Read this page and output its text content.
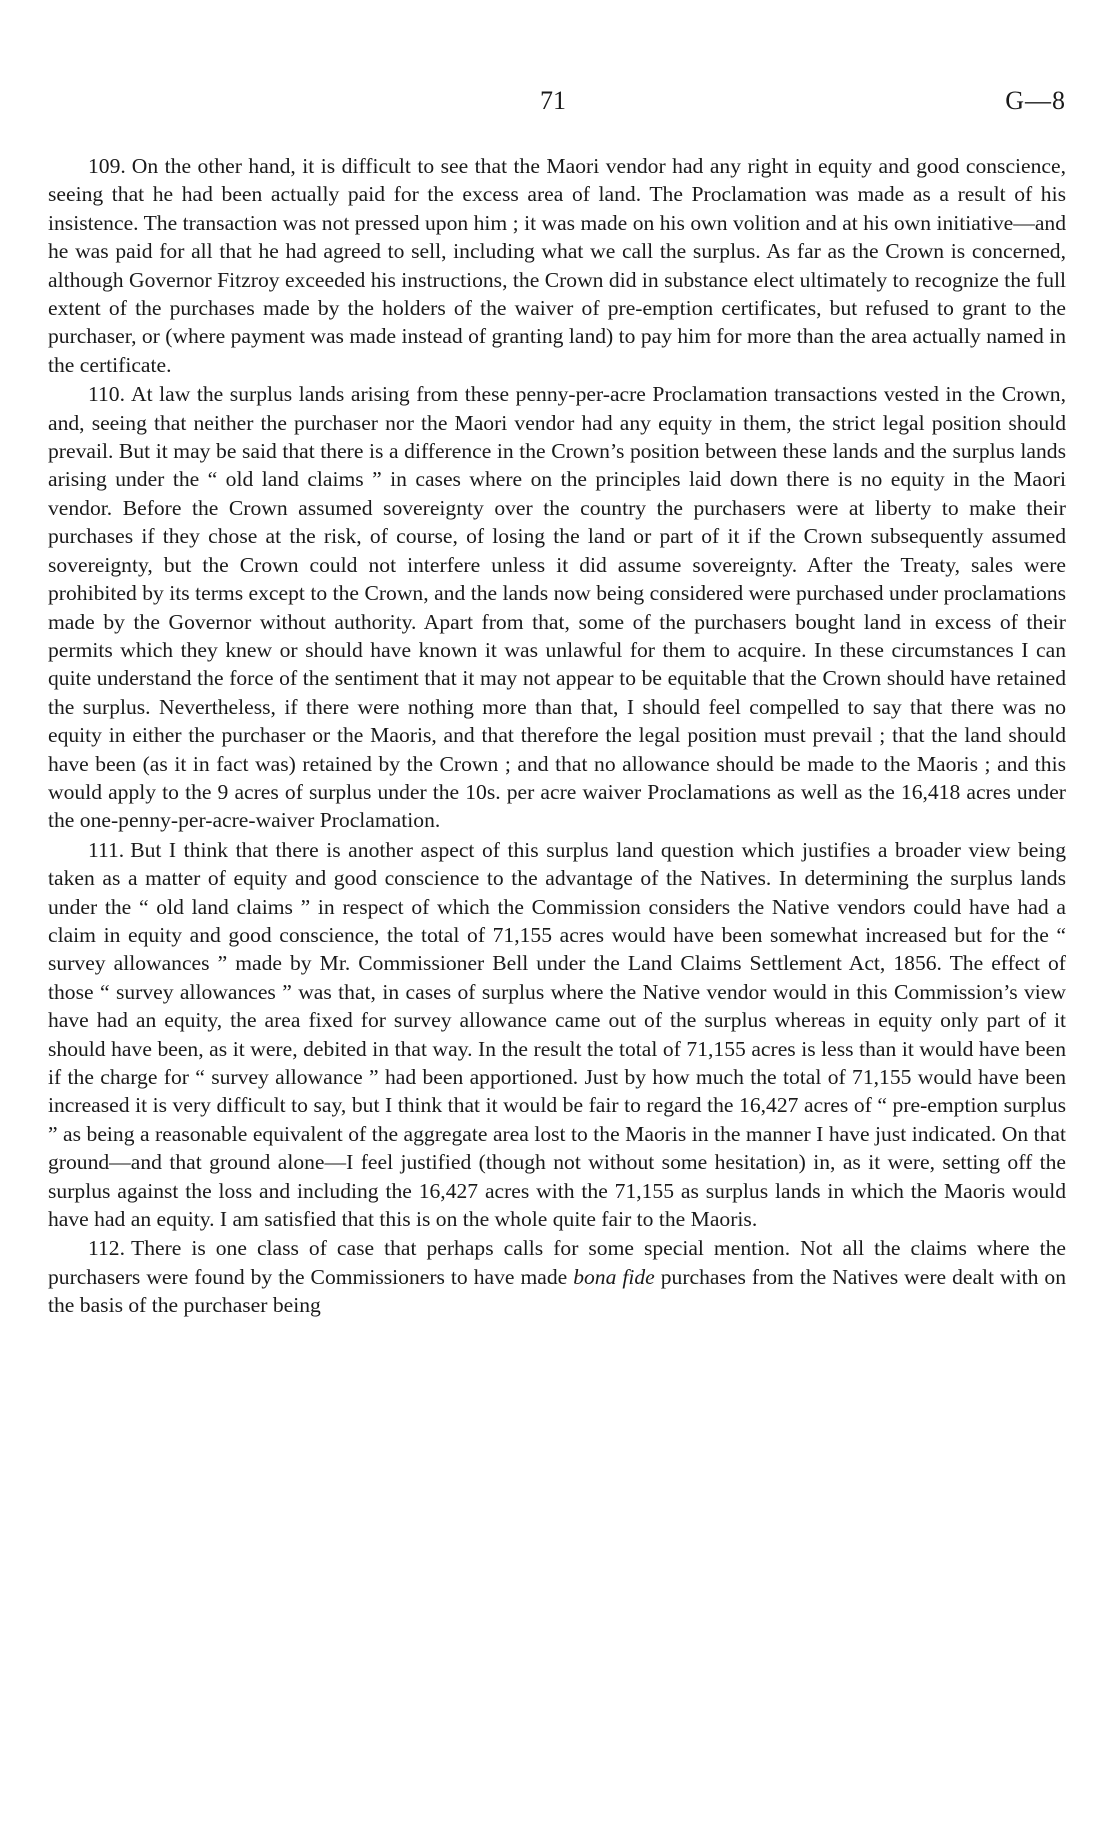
71	G—8

109. On the other hand, it is difficult to see that the Maori vendor had any right in equity and good conscience, seeing that he had been actually paid for the excess area of land. The Proclamation was made as a result of his insistence. The transaction was not pressed upon him ; it was made on his own volition and at his own initiative—and he was paid for all that he had agreed to sell, including what we call the surplus. As far as the Crown is concerned, although Governor Fitzroy exceeded his instructions, the Crown did in substance elect ultimately to recognize the full extent of the purchases made by the holders of the waiver of pre-emption certificates, but refused to grant to the purchaser, or (where payment was made instead of granting land) to pay him for more than the area actually named in the certificate.

110. At law the surplus lands arising from these penny-per-acre Proclamation transactions vested in the Crown, and, seeing that neither the purchaser nor the Maori vendor had any equity in them, the strict legal position should prevail. But it may be said that there is a difference in the Crown’s position between these lands and the surplus lands arising under the “ old land claims ” in cases where on the principles laid down there is no equity in the Maori vendor. Before the Crown assumed sovereignty over the country the purchasers were at liberty to make their purchases if they chose at the risk, of course, of losing the land or part of it if the Crown subsequently assumed sovereignty, but the Crown could not interfere unless it did assume sovereignty. After the Treaty, sales were prohibited by its terms except to the Crown, and the lands now being considered were purchased under proclamations made by the Governor without authority. Apart from that, some of the purchasers bought land in excess of their permits which they knew or should have known it was unlawful for them to acquire. In these circumstances I can quite understand the force of the sentiment that it may not appear to be equitable that the Crown should have retained the surplus. Nevertheless, if there were nothing more than that, I should feel compelled to say that there was no equity in either the purchaser or the Maoris, and that therefore the legal position must prevail ; that the land should have been (as it in fact was) retained by the Crown ; and that no allowance should be made to the Maoris ; and this would apply to the 9 acres of surplus under the 10s. per acre waiver Proclamations as well as the 16,418 acres under the one-penny-per-acre-waiver Proclamation.

111. But I think that there is another aspect of this surplus land question which justifies a broader view being taken as a matter of equity and good conscience to the advantage of the Natives. In determining the surplus lands under the “ old land claims ” in respect of which the Commission considers the Native vendors could have had a claim in equity and good conscience, the total of 71,155 acres would have been somewhat increased but for the “ survey allowances ” made by Mr. Commissioner Bell under the Land Claims Settlement Act, 1856. The effect of those “ survey allowances ” was that, in cases of surplus where the Native vendor would in this Commission’s view have had an equity, the area fixed for survey allowance came out of the surplus whereas in equity only part of it should have been, as it were, debited in that way. In the result the total of 71,155 acres is less than it would have been if the charge for “ survey allowance ” had been apportioned. Just by how much the total of 71,155 would have been increased it is very difficult to say, but I think that it would be fair to regard the 16,427 acres of “ pre-emption surplus ” as being a reasonable equivalent of the aggregate area lost to the Maoris in the manner I have just indicated. On that ground—and that ground alone—I feel justified (though not without some hesitation) in, as it were, setting off the surplus against the loss and including the 16,427 acres with the 71,155 as surplus lands in which the Maoris would have had an equity. I am satisfied that this is on the whole quite fair to the Maoris.

112. There is one class of case that perhaps calls for some special mention. Not all the claims where the purchasers were found by the Commissioners to have made bona fide purchases from the Natives were dealt with on the basis of the purchaser being
